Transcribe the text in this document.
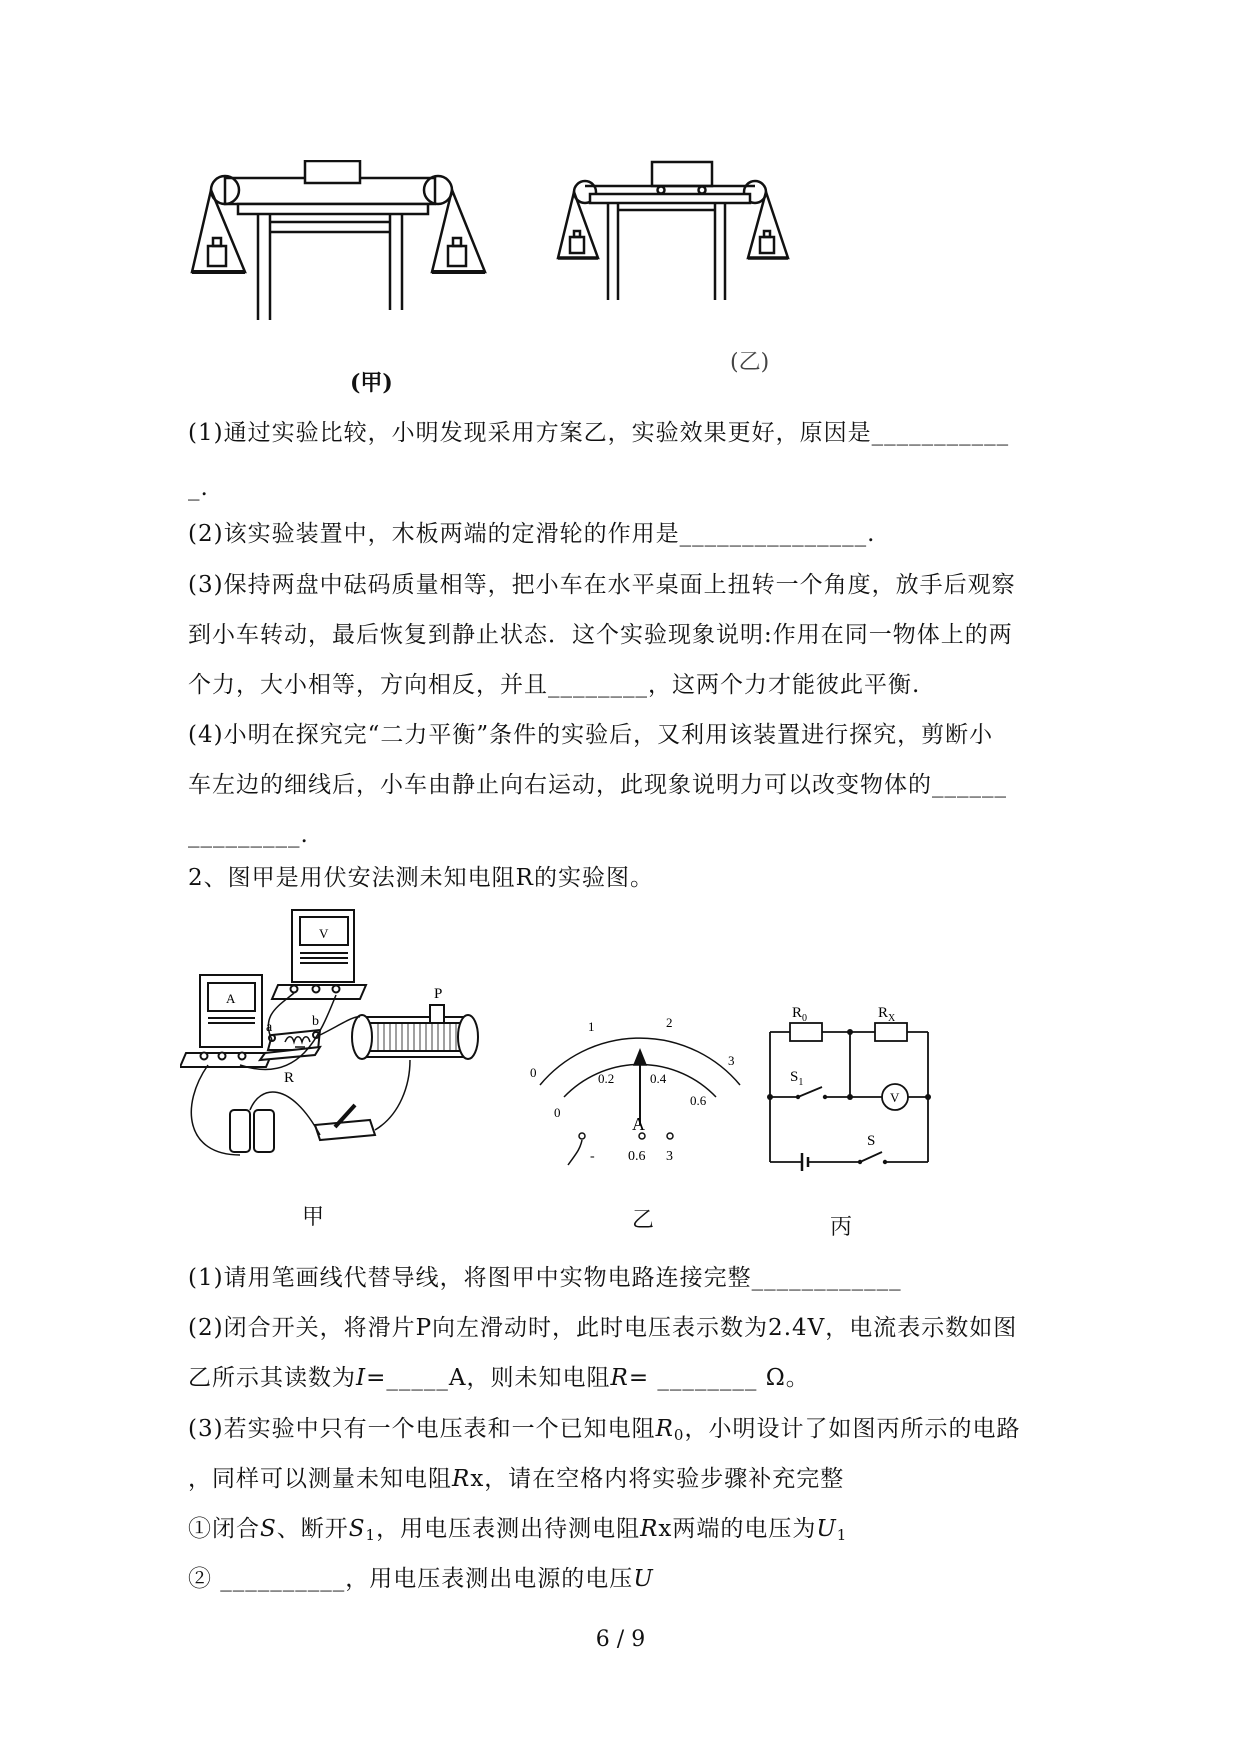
(甲)
(乙)
(1)通过实验比较，小明发现采用方案乙，实验效果更好，原因是___________
_.
(2)该实验装置中，木板两端的定滑轮的作用是_______________.
(3)保持两盘中砝码质量相等，把小车在水平桌面上扭转一个角度，放手后观察
到小车转动，最后恢复到静止状态．这个实验现象说明:作用在同一物体上的两
个力，大小相等，方向相反，并且________，这两个力才能彼此平衡.
(4)小明在探究完“二力平衡”条件的实验后，又利用该装置进行探究，剪断小
车左边的细线后，小车由静止向右运动，此现象说明力可以改变物体的______
_________.
2、图甲是用伏安法测未知电阻R的实验图。
V
A
a	b
R
P
0
1	2
3
0
0.2	0.4
0.6
A
- 0.6 3
$R_0$	$R_X$
$S_1$
V
S
甲	乙	丙
(1)请用笔画线代替导线，将图甲中实物电路连接完整____________
(2)闭合开关，将滑片P向左滑动时，此时电压表示数为2.4V，电流表示数如图
乙所示其读数为I=_____A，则未知电阻R= ________ Ω。
(3)若实验中只有一个电压表和一个已知电阻$R_0$，小明设计了如图丙所示的电路
，同样可以测量未知电阻Rx，请在空格内将实验步骤补充完整
①闭合S、断开$S_1$，用电压表测出待测电阻Rx两端的电压为$U_1$
② __________，用电压表测出电源的电压U
6 / 9
